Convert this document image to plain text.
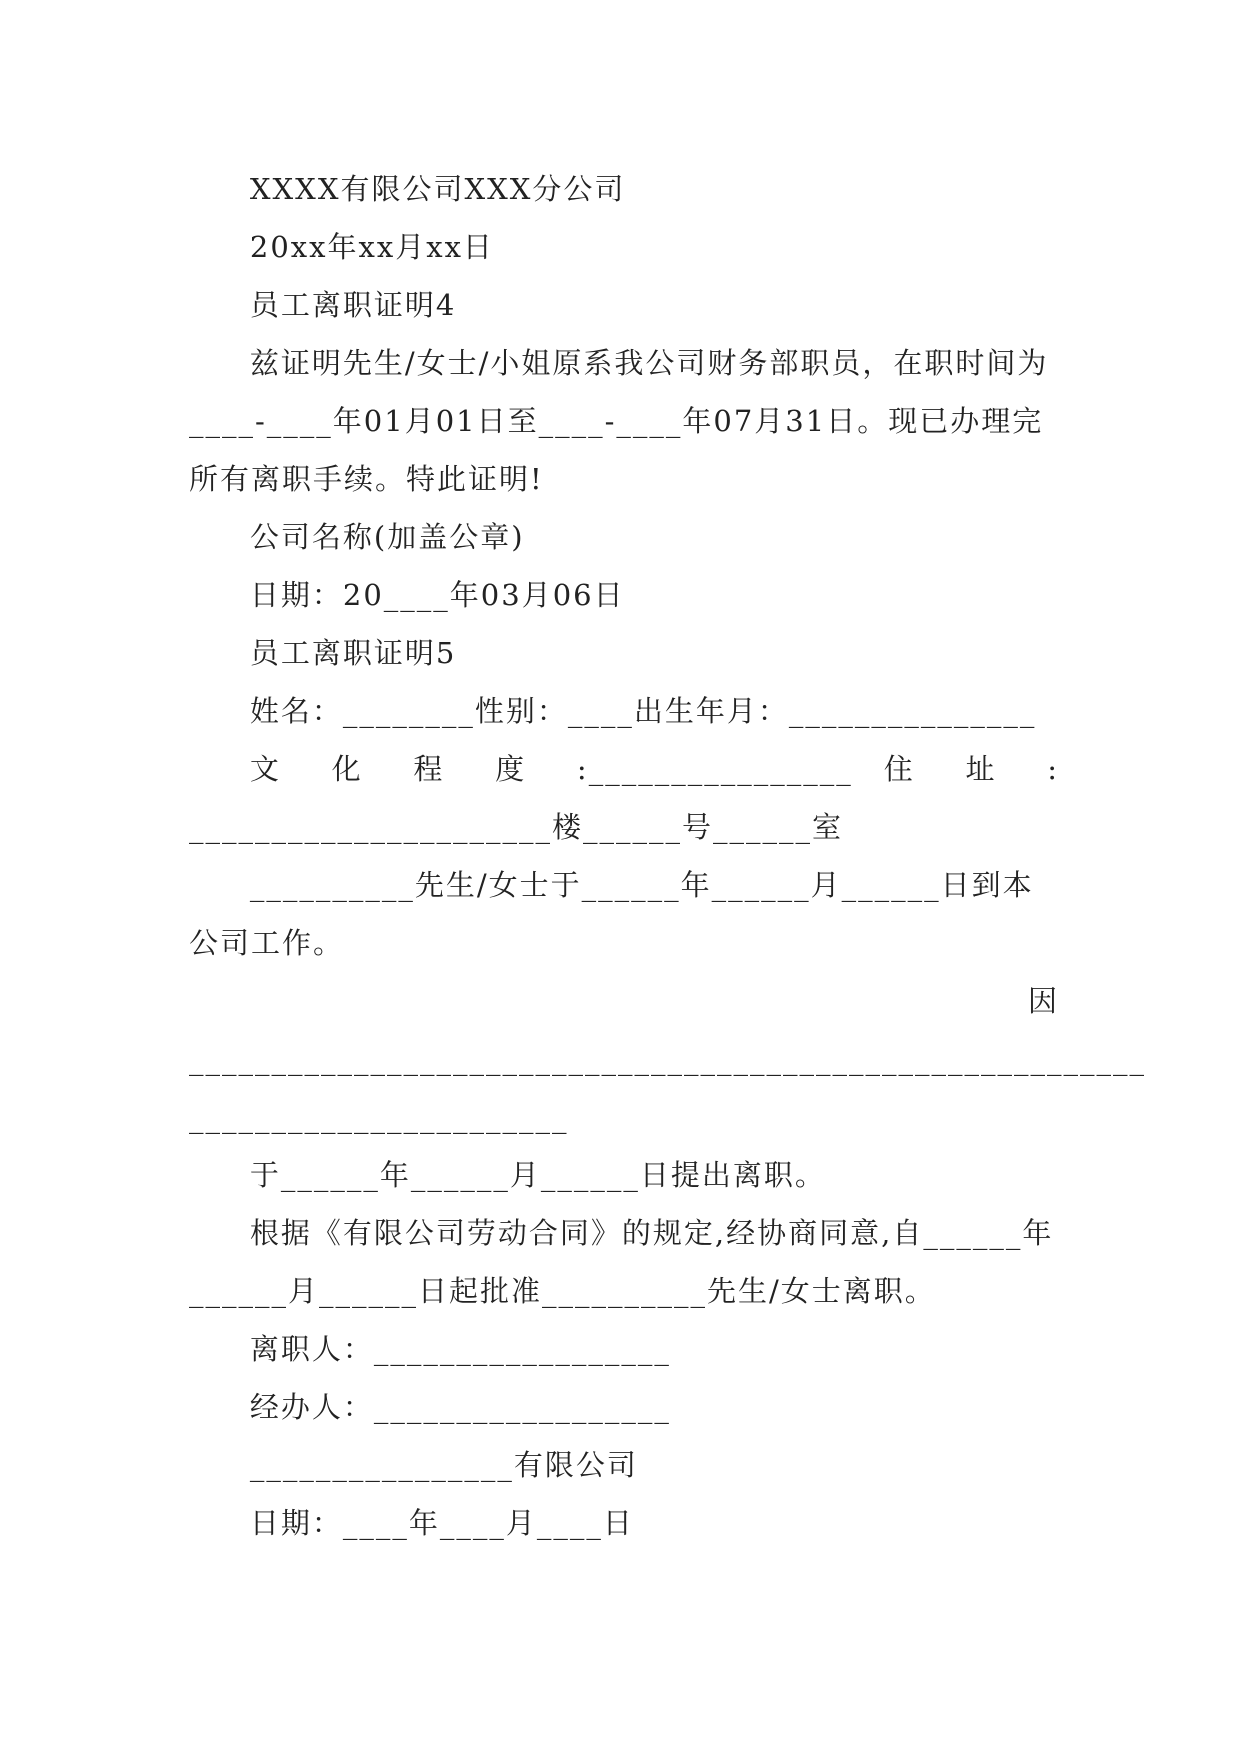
XXXX有限公司XXX分公司

20xx年xx月xx日

员工离职证明4

兹证明先生/女士/小姐原系我公司财务部职员，在职时间为____-____年01月01日至____-____年07月31日。现已办理完所有离职手续。特此证明!

公司名称(加盖公章)

日期：20____年03月06日

员工离职证明5

姓名：________性别：____出生年月：_______________

文 化 程 度 :________________ 住 址 :

______________________楼______号______室

__________先生/女士于______年______月______日到本公司工作。

因

__________________________________________________________

_______________________

于______年______月______日提出离职。

根据《有限公司劳动合同》的规定,经协商同意,自______年______月______日起批准__________先生/女士离职。

离职人：__________________

经办人：__________________

________________有限公司

日期：____年____月____日
